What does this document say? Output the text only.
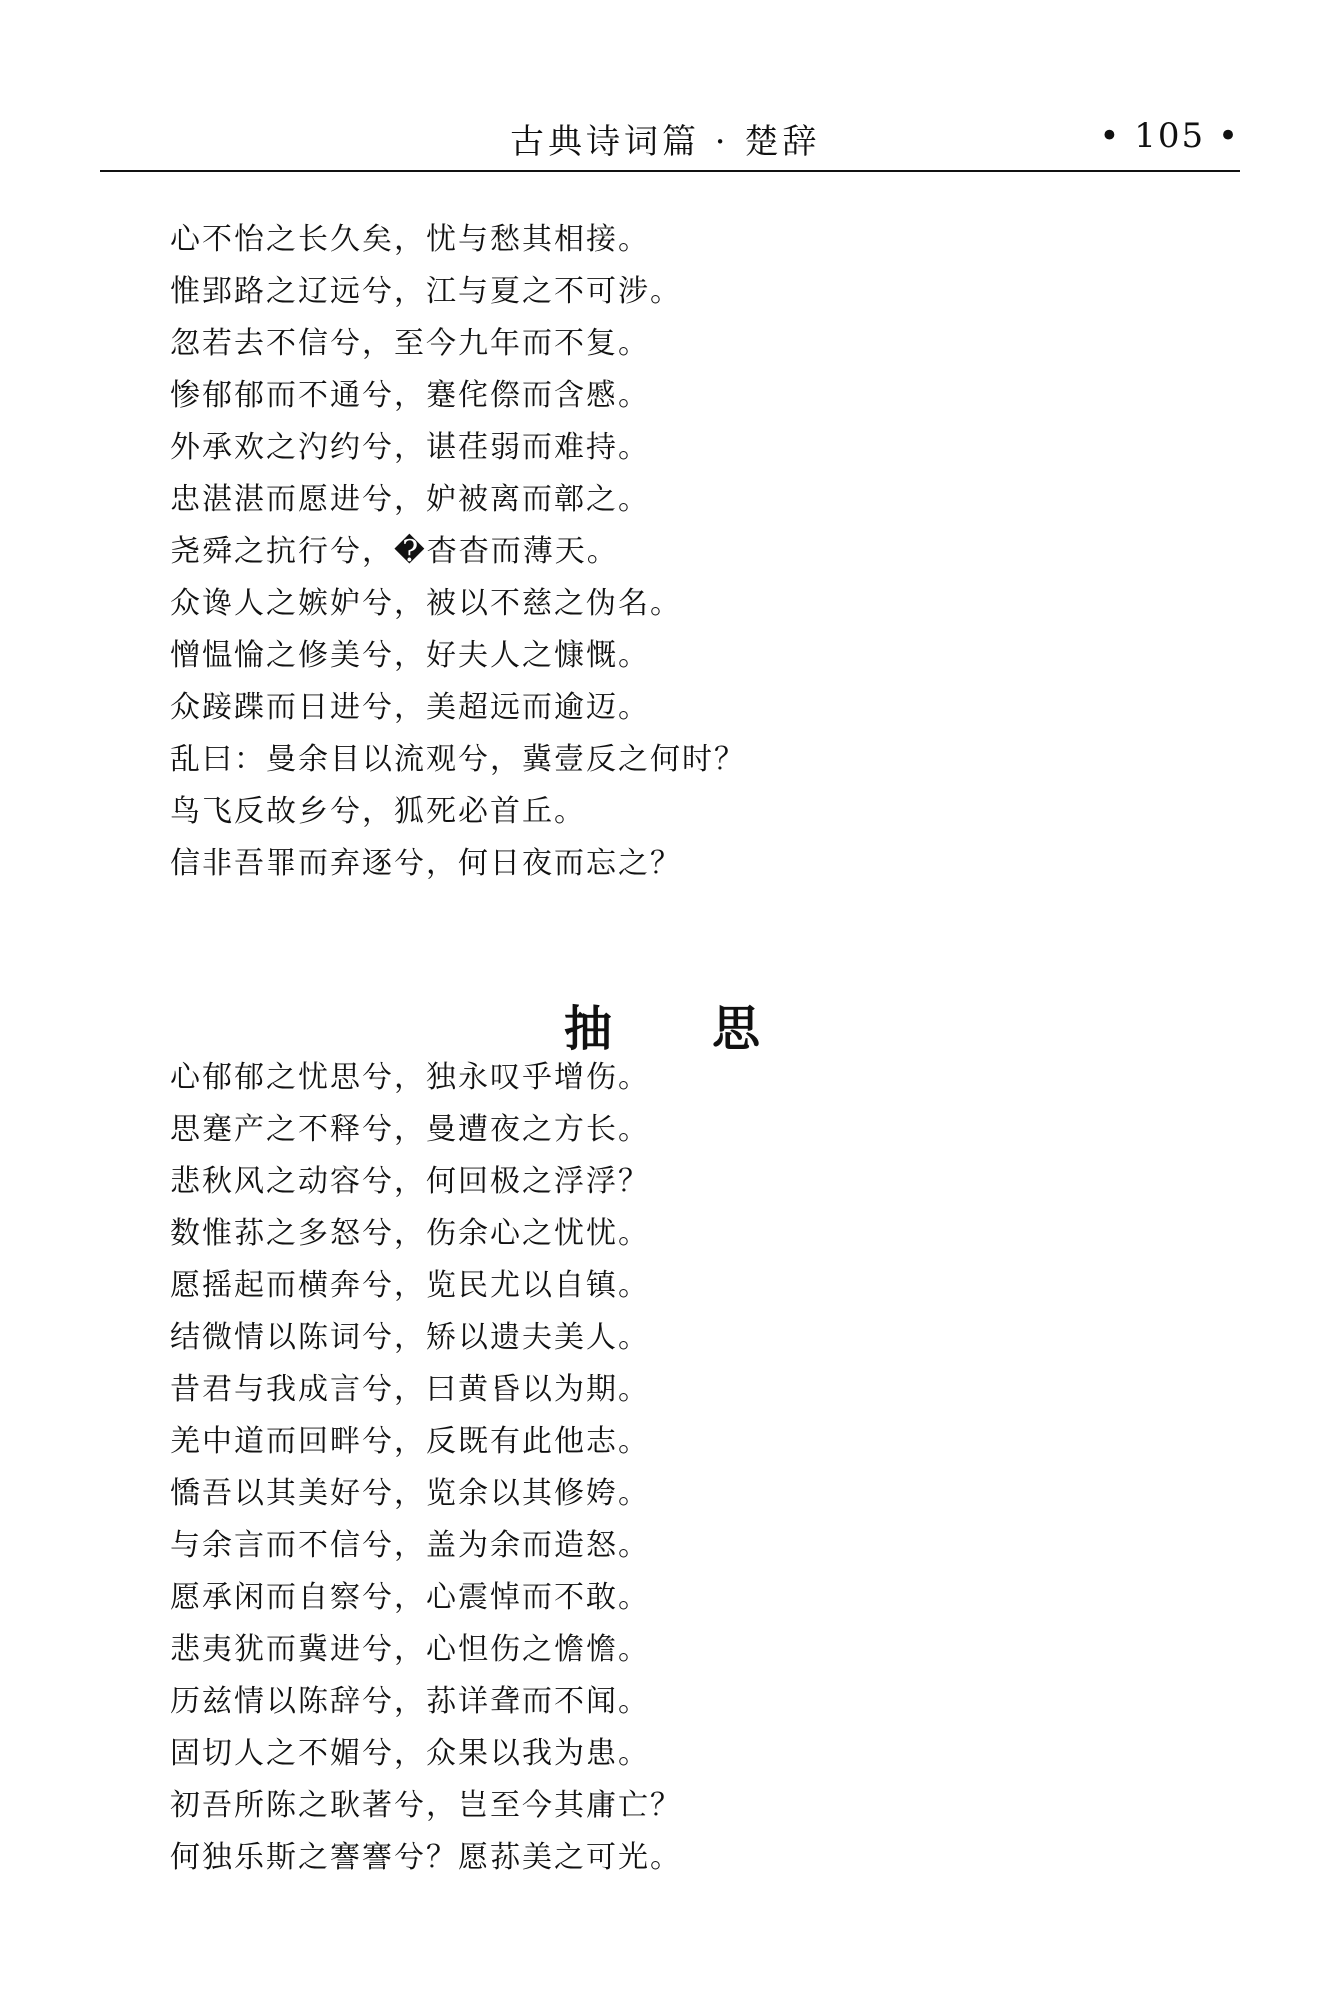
古典诗词篇 · 楚辞	• 105 •
心不怡之长久矣，忧与愁其相接。
惟郢路之辽远兮，江与夏之不可涉。
忽若去不信兮，至今九年而不复。
惨郁郁而不通兮，蹇侘傺而含慼。
外承欢之汋约兮，谌荏弱而难持。
忠湛湛而愿进兮，妒被离而鄣之。
尧舜之抗行兮，�杳杳而薄天。
众谗人之嫉妒兮，被以不慈之伪名。
憎愠惀之修美兮，好夫人之慷慨。
众踥蹀而日进兮，美超远而逾迈。
乱曰：曼余目以流观兮，冀壹反之何时？
鸟飞反故乡兮，狐死必首丘。
信非吾罪而弃逐兮，何日夜而忘之？
抽思
心郁郁之忧思兮，独永叹乎增伤。
思蹇产之不释兮，曼遭夜之方长。
悲秋风之动容兮，何回极之浮浮？
数惟荪之多怒兮，伤余心之忧忧。
愿摇起而横奔兮，览民尤以自镇。
结微情以陈词兮，矫以遗夫美人。
昔君与我成言兮，曰黄昏以为期。
羌中道而回畔兮，反既有此他志。
憍吾以其美好兮，览余以其修姱。
与余言而不信兮，盖为余而造怒。
愿承闲而自察兮，心震悼而不敢。
悲夷犹而冀进兮，心怛伤之憺憺。
历兹情以陈辞兮，荪详聋而不闻。
固切人之不媚兮，众果以我为患。
初吾所陈之耿著兮，岂至今其庸亡？
何独乐斯之謇謇兮？愿荪美之可光。
